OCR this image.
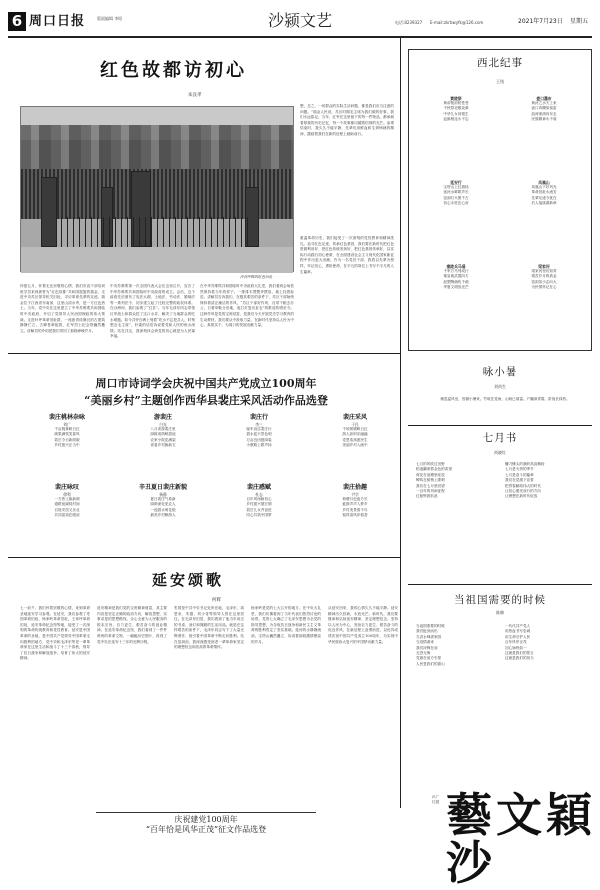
6 周口日报	版面编辑 李昭	沙颍文艺	电话:8239327 E-mail:zkrbwyfk@126.com	2021年7月23日 星期五
红色故都访初心
朱良孝
沙河岸畔的红色旧址
仲夏五月，怀着无比崇敬的心情，我们市直干部培训班学员来到被誉为“红色故都”共和国摇篮的瑞金，走进中央苏区领导机关旧址，寻访革命先辈的足迹。瑞金位于江西省东南部，这里山清水秀，是一方红色热土。当年，党中央在这里建立了中华苏维埃共和国临时中央政府，开启了党领导人民治国理政的伟大预演。走进叶坪革命旧址群，一座座青砖黛瓦的古建筑静静伫立，古樟苍翠挺拔，红军烈士纪念塔巍然矗立。讲解员的介绍把我们带回了那段峥嵘岁月。
中央苏维埃第一次全国代表大会在这里召开，宣告了中华苏维埃共和国临时中央政府的成立。会后，这个政府先后颁布了宪法大纲、土地法、劳动法、婚姻法等一系列法令，初步建立起了比较完整的政权体系。在沙洲坝，我们参观了“红井”。当年毛泽东同志带领红军战士和群众挖了这口水井，解决了当地群众的吃水难题。如今井旁石碑上刻着“吃水不忘挖井人，时刻想念毛主席”，朴素的话语诉说着党和人民的鱼水深情。站在井边，我深刻体会到党的初心就是为人民谋幸福。
在中华苏维埃共和国临时中央政府大礼堂，我们看到会场依然保持着当年的样子。一排排木凳整齐摆放，墙上挂着标语。讲解员告诉我们，在极其艰苦的条件下，苏区干部始终保持着清正廉洁的作风，“苏区干部好作风，自带干粮去办公，日着草鞋分田地，夜打灯笼访贫农”的歌谣传唱至今。这种作风是党的宝贵财富，是我们今天开展党史学习教育的生动教材。我们要从中汲取力量，在新时代坚持以人民为中心，真抓实干，为周口的发展贡献力量。
想，总之，一切群众的实际生活问题，都是我们应当注意的问题。”瑞金人民说，苏区时期毛主席为我们做的好事，我们永远铭记。当年，红军在这里留下的每一件物品，都承载着厚重的历史记忆，每一个故事都闪耀着信仰的光芒。参观结束时，我久久不能平静，先辈们用鲜血和生命铸就的精神，激励着我们在新的征程上砥砺前行。
重温革命历史，我们接受了一次深刻的党性教育和精神洗礼。追寻红色足迹，传承红色基因，我们要在新时代把红色资源利用好、把红色传统发扬好、把红色基因传承好，以实际行动践行初心使命，在全面建设社会主义现代化国家新征程中作出更大贡献。作为一名党员干部，我将以先辈为榜样，牢记初心，勇担使命，在平凡的岗位上书写不平凡的人生篇章。
周口市诗词学会庆祝中国共产党成立100周年
“美丽乡村”主题创作西华县裴庄采风活动作品选登
裴庄桃林杂咏
刘广
千亩桃林映日红
硕果满枝笑春风
裴庄今日新面貌
乡村振兴正当中
游裴庄
白光
八月来游裴庄里
绿树成荫映碧池
农家小院花满架
喜看乡村换新衣
裴庄行
李三
驱车直往裴庄行
碧水蓝天景色明
万亩良田披绿装
小康路上歌声扬
裴庄采风
于民
千顷荷塘映日红
游人如织乐融融
党恩浩荡惠民生
美丽乡村入画中
裴庄咏叹
徐利
一方热土换新颜
道路宽阔绕村间
百姓安居又乐业
共同富裕在眼前
辛丑夏日裴庄新貌
杨静
夏日裴庄气象新
绿荫深处见农人
一池碧水荷花艳
最美乡村醉游人
裴庄感赋
杜志
百年风雨砺初心
乡村振兴展宏图
裴庄儿女齐奋进
同心共筑中国梦
裴庄拾趣
尹学
荷塘月色夜方长
蛙鼓声声入梦乡
乡村美景看不尽
留得清风伴稻香
延安颂歌
何辉
七一前夕，我们怀着崇敬的心情，来到革命圣地延安学习参观。在延安，我们参观了枣园革命旧址，杨家岭革命旧址，王家坪革命旧址，延安革命纪念馆等地，接受了一次深刻的革命传统教育和党性教育。延安是中国革命的圣地，是中国共产党领导中国革命走向胜利的地方，党中央和毛泽东等老一辈革命家在这里生活和战斗了十三个春秋，领导了抗日战争和解放战争，培育了伟大的延安精神。
延安精神是我们党的宝贵精神财富，其主要内容是坚定正确的政治方向，解放思想、实事求是的思想路线，全心全意为人民服务的根本宗旨，自力更生、艰苦奋斗的创业精神。在延安革命纪念馆，我们看到了一件件珍贵的革命文物，一幅幅历史图片，再现了党中央在延安十三年的光辉历程。
枣园是中共中央书记处所在地，毛泽东、周恩来、朱德、刘少奇等领导人曾在这里居住。在毛泽东旧居，我们看到了他当年用过的书桌、油灯和简陋的生活用品。就是在这样艰苦的条件下，毛泽东同志写下了大量光辉著作，指引着中国革命不断走向胜利。站在窑洞前，我深深感受到老一辈革命家坚定的理想信念和崇高的革命情怀。
杨家岭是党的七大召开的地方。在中央大礼堂，我们仿佛看到了当年代表们热烈讨论的场景。党的七大确立了毛泽东思想为全党的指导思想，为夺取抗日战争和新民主主义革命的胜利奠定了坚实基础。延河的水静静流淌，宝塔山巍然矗立，诉说着那段激情燃烧的岁月。
从延安回来，我的心情久久不能平静。延安精神历久弥新，永放光芒。新时代，我们要继承和弘扬延安精神，坚定理想信念，坚持以人民为中心，发扬自力更生、艰苦奋斗的优良作风，在新征程上奋勇前进，以优异成绩庆祝中国共产党成立100周年，为实现中华民族伟大复兴的中国梦贡献力量。
庆祝建党100周年
“百年恰是风华正茂”征文作品选登
西北纪事
王钱
黄陵祭
黄帝陵前柏苍苍
千秋祭祀敬炎黄
中华儿女同根生
血脉相连永不忘
延安行
宝塔山上红旗扬
延河水畔歌声长
窑洞灯火照千古
初心永驻在心房
秦陵兵马俑
千军万马列成行
秦皇威武震四方
泥塑陶俑传千载
华夏文明放光芒
壶口瀑布
黄河之水天上来
壶口奔腾似惊雷
浪涛滚滚向东去
民族精神永不衰
凤凰山
凤凰山下好风光
革命旧址永流芳
先辈足迹今犹在
后人接续谱新章
梁家河
梁家河里访知青
艰苦岁月炼真金
窑洞虽小志向大
为民情怀记在心
咏小暑
刘尚生
倏忽温风至，因循小暑来。竹喧先觉雨，山暗已闻雷。户牖深青霭，阶庭长绿苔。
七月书
尚晓红
七月的风吹过田野
稻浪翻滚着金色的希望
荷花在池塘里绽放
蝉鸣在树梢上歌唱
我们在七月里回望
一百年的风雨征程
红船劈波斩浪
镰刀锤头的旗帜高高飘扬
七月是火热的季节
七月是奋斗的篇章
我们在党旗下宣誓
把青春献给伟大的时代
让初心照亮前行的方向
让理想在新时代绽放
当祖国需要的时候
陈赫
当祖国需要的时候
我们挺身而出
当洪水肆虐家园
当疫情袭来
我们冲锋在前
无怨无悔
党旗在前方引领
人民是我们的靠山
一代代共产党人
用热血书写忠诚
用生命守护人民
百年风华正茂
初心始终如一
这就是我们的誓言
这就是我们的担当
孙广柱题 藝文穎沙
